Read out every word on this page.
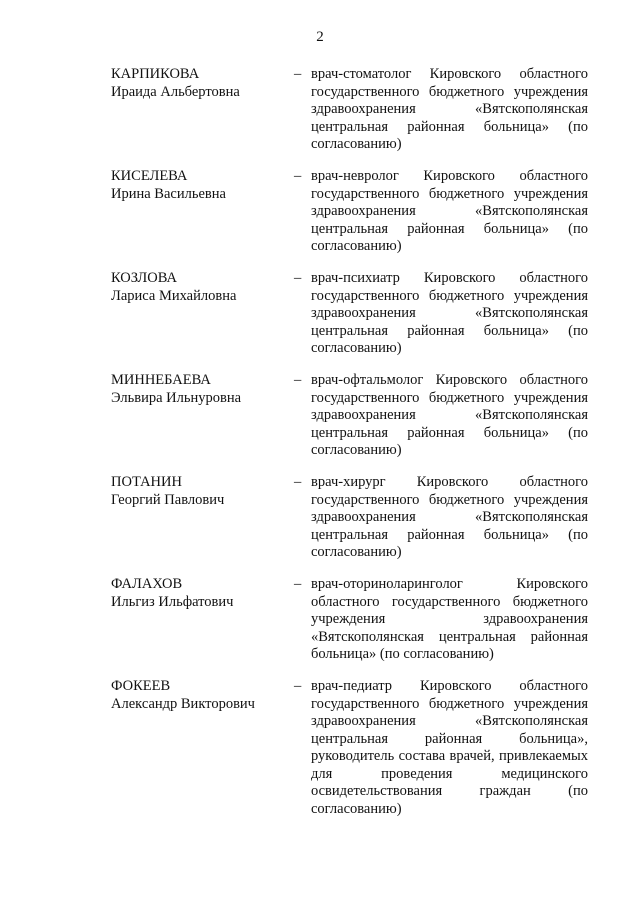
2
КАРПИКОВА
Ираида Альбертовна
– врач-стоматолог Кировского областного государственного бюджетного учреждения здравоохранения «Вятскополянская центральная районная больница» (по согласованию)
КИСЕЛЕВА
Ирина Васильевна
– врач-невролог Кировского областного государственного бюджетного учреждения здравоохранения «Вятскополянская центральная районная больница» (по согласованию)
КОЗЛОВА
Лариса Михайловна
– врач-психиатр Кировского областного государственного бюджетного учреждения здравоохранения «Вятскополянская центральная районная больница» (по согласованию)
МИННЕБАЕВА
Эльвира Ильнуровна
– врач-офтальмолог Кировского областного государственного бюджетного учреждения здравоохранения «Вятскополянская центральная районная больница» (по согласованию)
ПОТАНИН
Георгий Павлович
– врач-хирург Кировского областного государственного бюджетного учреждения здравоохранения «Вятскополянская центральная районная больница» (по согласованию)
ФАЛАХОВ
Ильгиз Ильфатович
– врач-оториноларинголог Кировского областного государственного бюджетного учреждения здравоохранения «Вятскополянская центральная районная больница» (по согласованию)
ФОКЕЕВ
Александр Викторович
– врач-педиатр Кировского областного государственного бюджетного учреждения здравоохранения «Вятскополянская центральная районная больница», руководитель состава врачей, привлекаемых для проведения медицинского освидетельствования граждан (по согласованию)
